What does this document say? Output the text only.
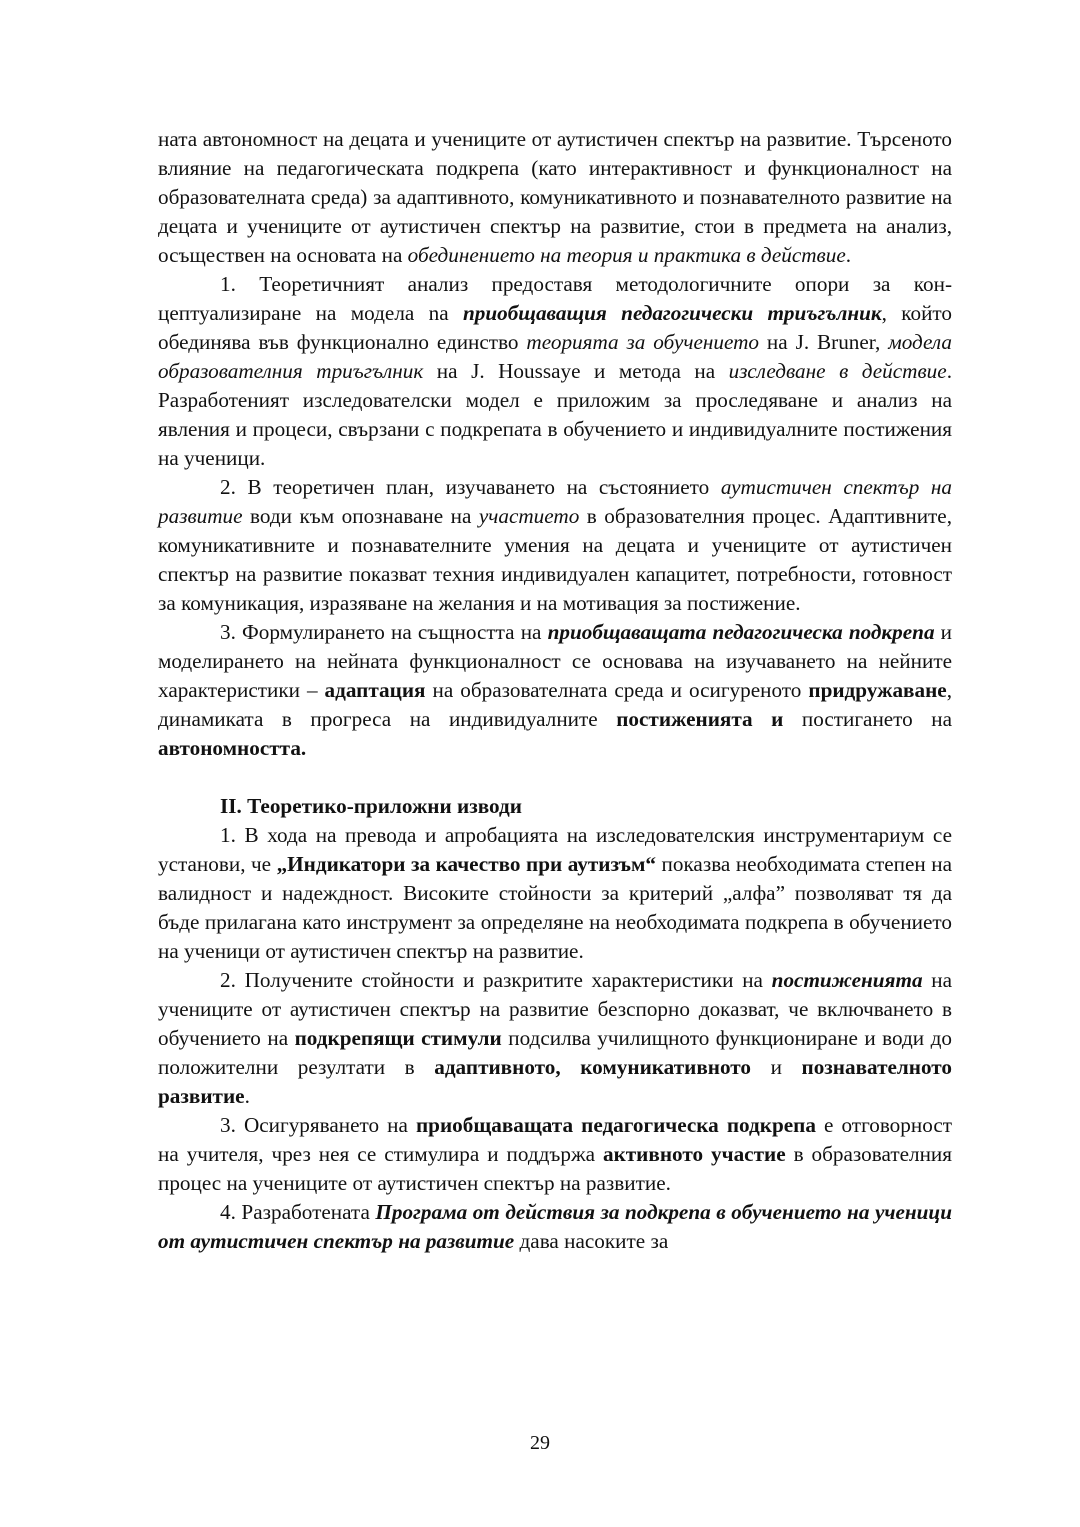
ната автономност на децата и учениците от аутистичен спектър на развитие. Търсеното влияние на педагогическата подкрепа (като интерактивност и функционалност на образователната среда) за адаптивното, комуникативното и познавателното развитие на децата и учениците от аутистичен спектър на развитие, стои в предмета на анализ, осъществен на основата на обединението на теория и практика в действие.

1. Теоретичният анализ предоставя методологичните опори за концептуализиране на модела na приобщаващия педагогически триъгълник, който обединява във функционално единство теорията за обучението на J. Bruner, модела образователния триъгълник на J. Houssaye и метода на изследване в действие. Разработеният изследователски модел е приложим за проследяване и анализ на явления и процеси, свързани с подкрепата в обучението и индивидуалните постижения на ученици.

2. В теоретичен план, изучаването на състоянието аутистичен спектър на развитие води към опознаване на участието в образователния процес. Адаптивните, комуникативните и познавателните умения на децата и учениците от аутистичен спектър на развитие показват техния индивидуален капацитет, потребности, готовност за комуникация, изразяване на желания и на мотивация за постижение.

3. Формулирането на същността на приобщаващата педагогическа подкрепа и моделирането на нейната функционалност се основава на изучаването на нейните характеристики – адаптация на образователната среда и осигуреното придружаване, динамиката в прогреса на индивидуалните постиженията и постигането на автономността.

II. Теоретико-приложни изводи

1. В хода на превода и апробацията на изследователския инструментариум се установи, че „Индикатори за качество при аутизъм“ показва необходимата степен на валидност и надеждност. Високите стойности за критерий „алфа” позволяват тя да бъде прилагана като инструмент за определяне на необходимата подкрепа в обучението на ученици от аутистичен спектър на развитие.

2. Получените стойности и разкритите характеристики на постиженията на учениците от аутистичен спектър на развитие безспорно доказват, че включването в обучението на подкрепящи стимули подсилва училищното функциониране и води до положителни резултати в адаптивното, комуникативното и познавателното развитие.

3. Осигуряването на приобщаващата педагогическа подкрепа е отговорност на учителя, чрез нея се стимулира и поддържа активното участие в образователния процес на учениците от аутистичен спектър на развитие.

4. Разработената Програма от действия за подкрепа в обучението на ученици от аутистичен спектър на развитие дава насоките за

29
